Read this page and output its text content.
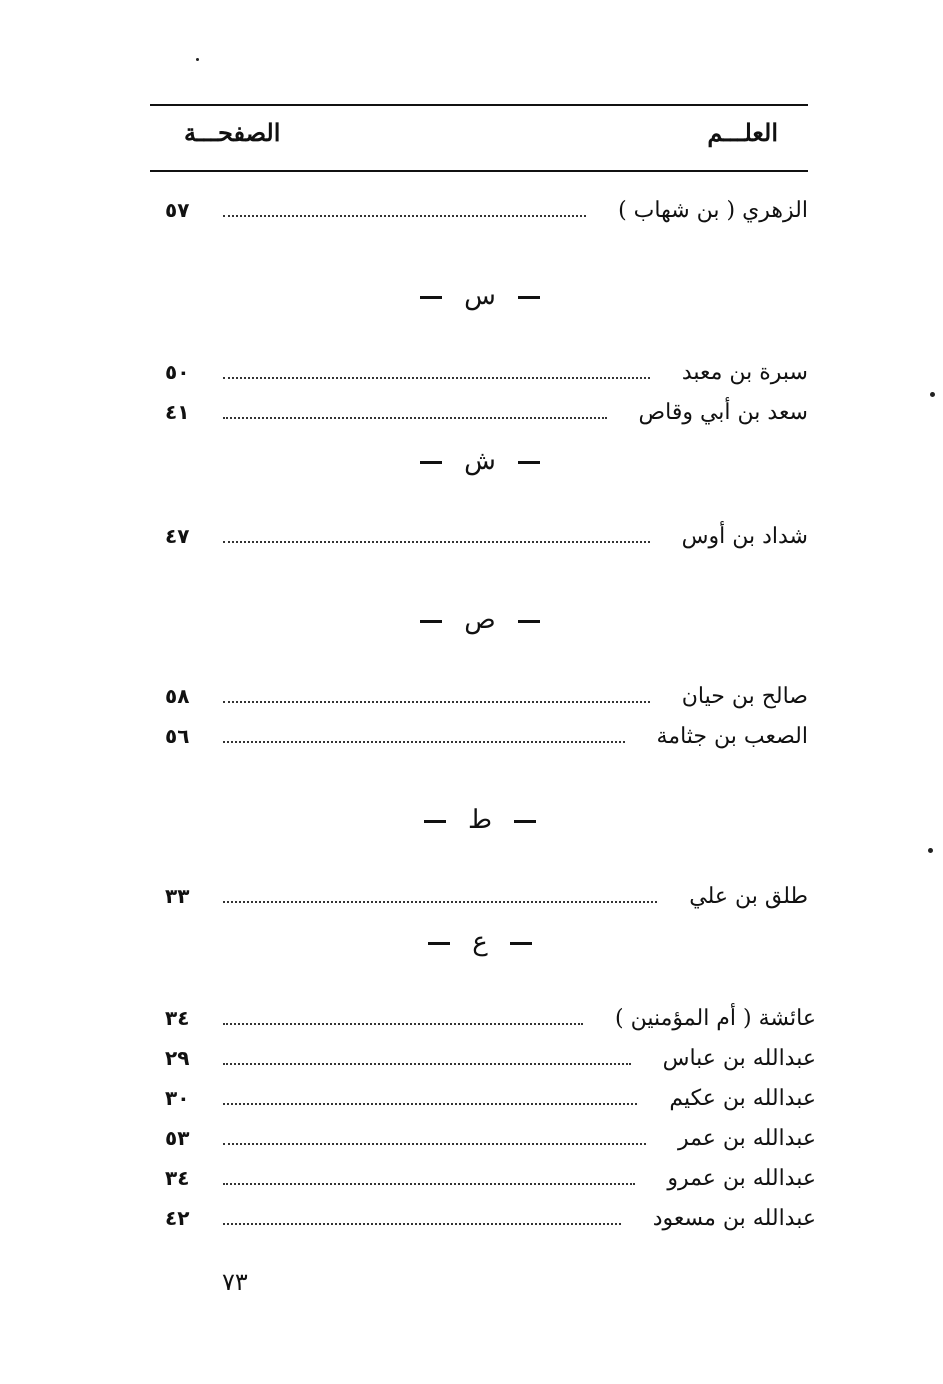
العلـــم
الصفحـــة
الزهري ( بن شهاب )
٥٧
س
سبرة بن معبد
٥٠
سعد بن أبي وقاص
٤١
ش
شداد بن أوس
٤٧
ص
صالح بن حيان
٥٨
الصعب بن جثامة
٥٦
ط
طلق بن علي
٣٣
ع
عائشة ( أم المؤمنين )
٣٤
عبدالله بن عباس
٢٩
عبدالله بن عكيم
٣٠
عبدالله بن عمر
٥٣
عبدالله بن عمرو
٣٤
عبدالله بن مسعود
٤٢
٧٣
